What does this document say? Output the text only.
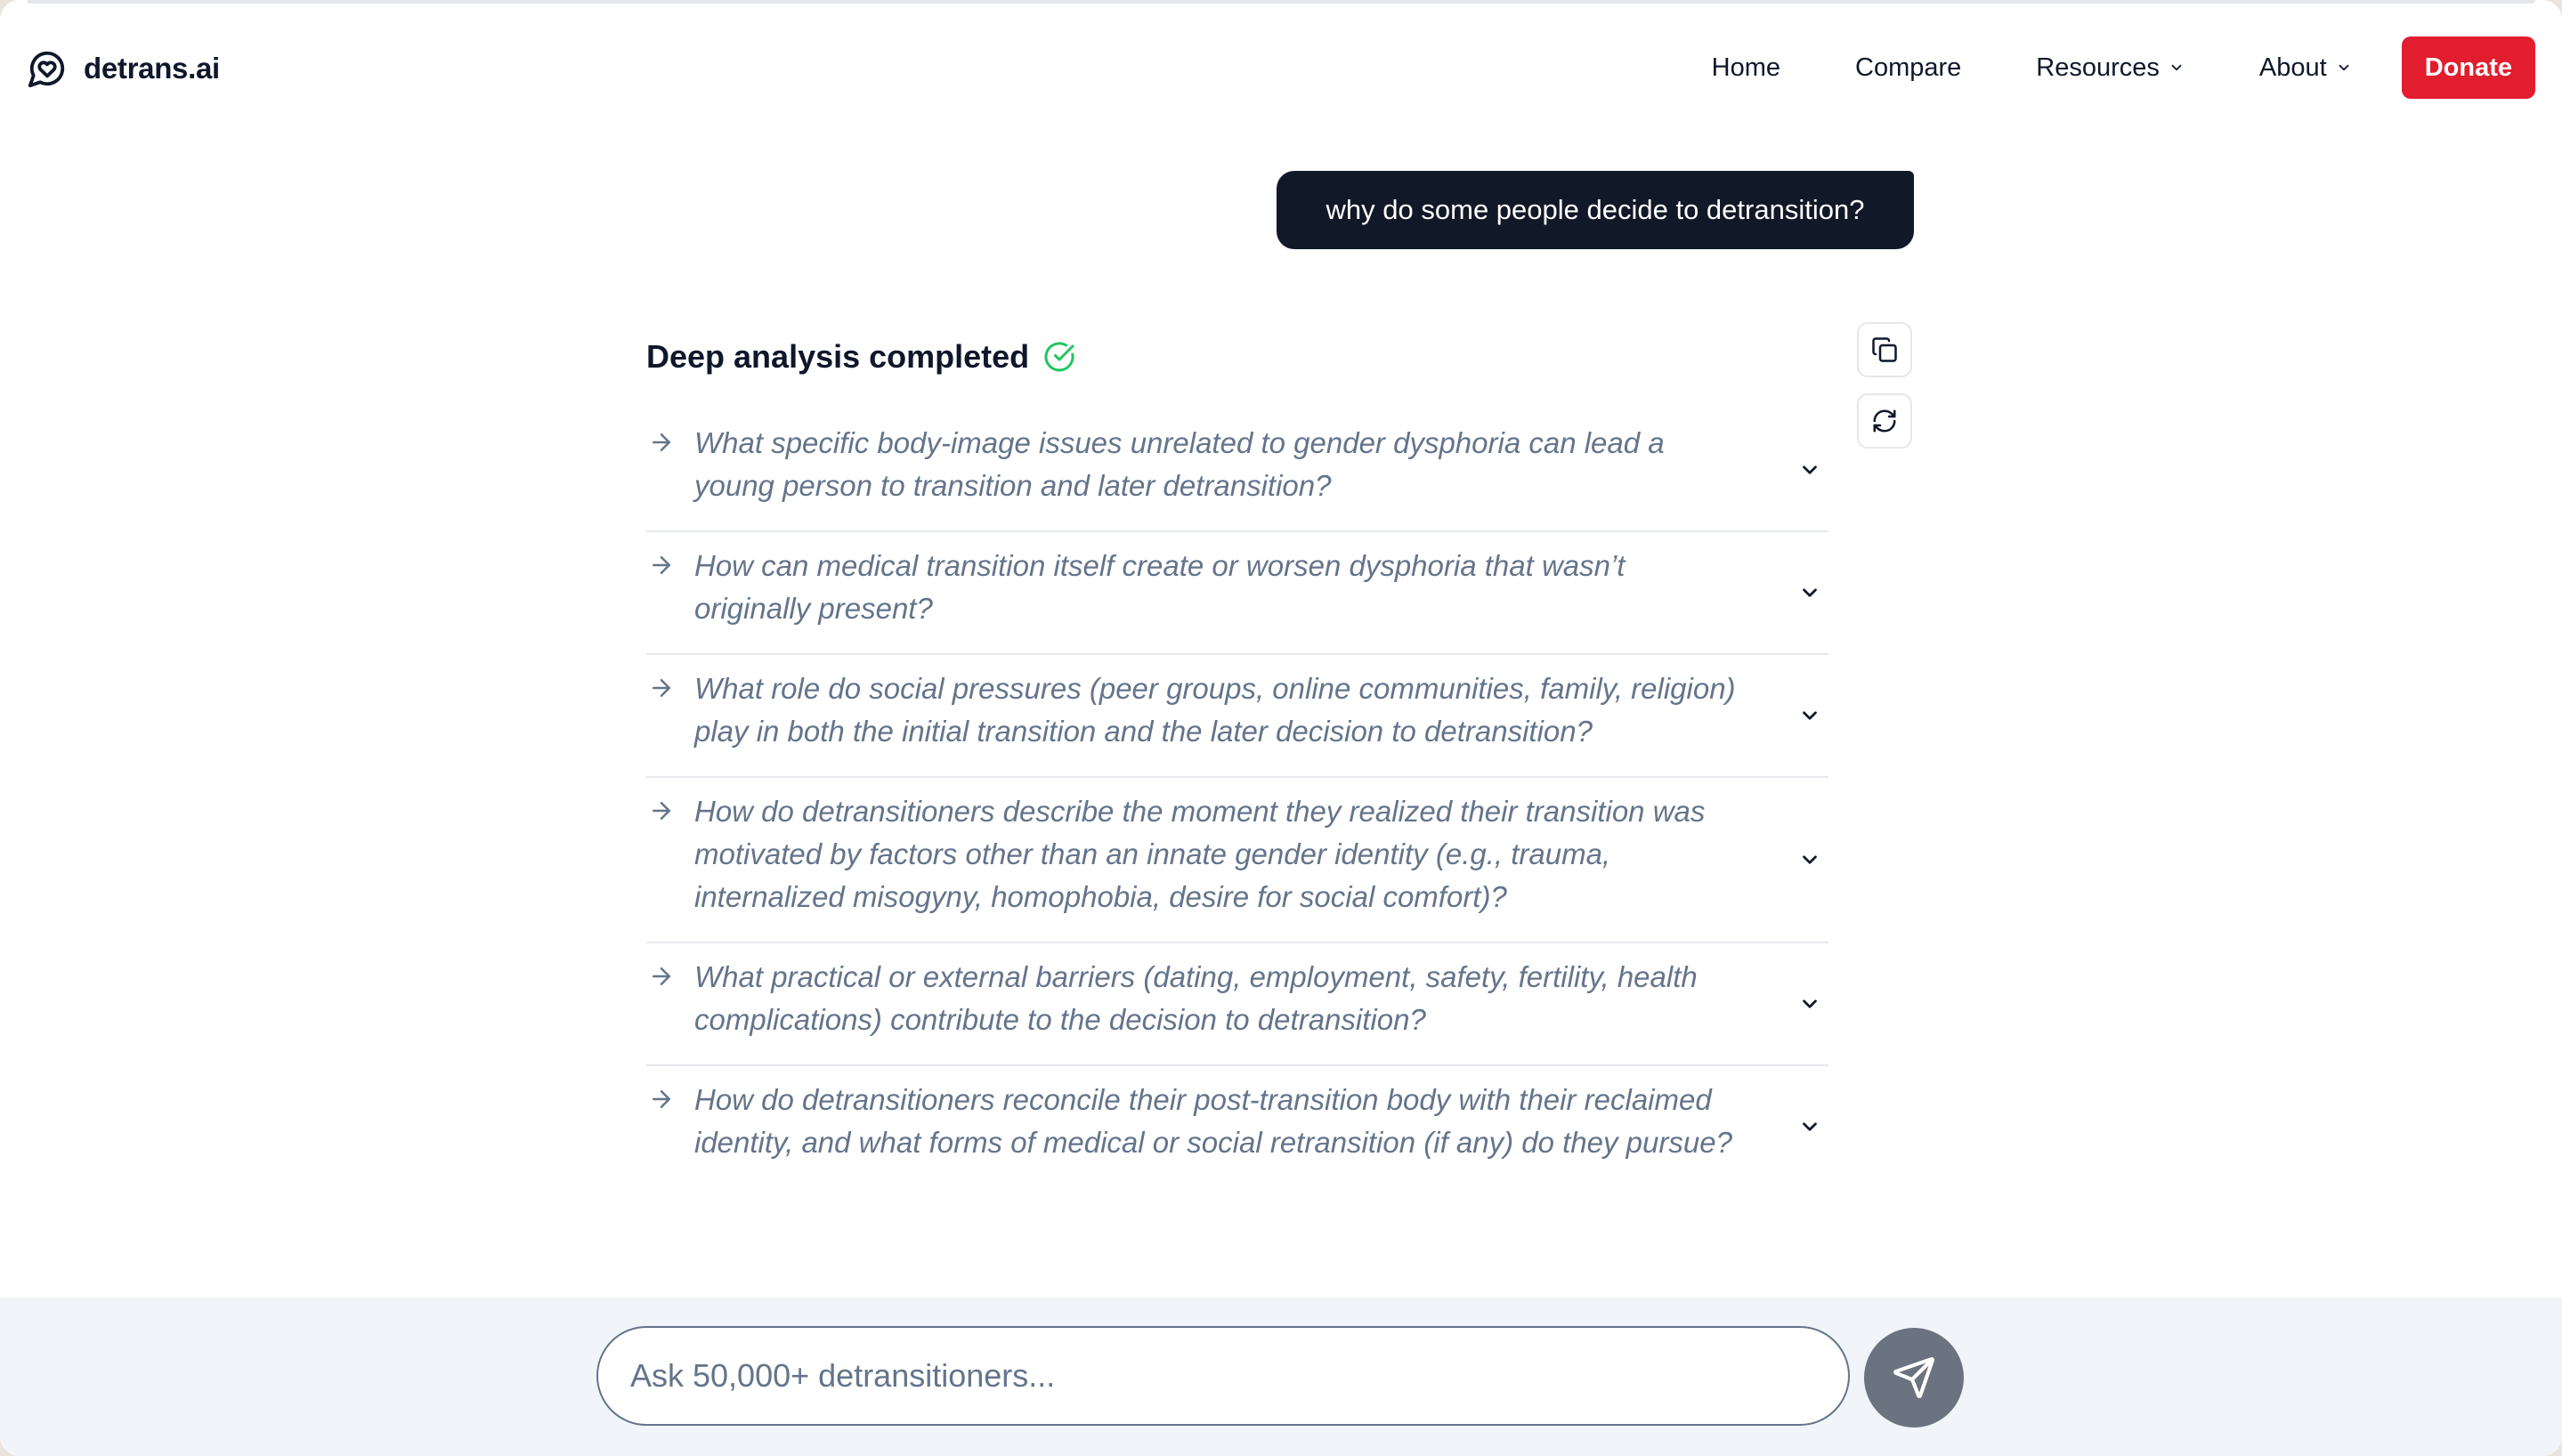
detrans.ai	Home	Compare	Resources	About	Donate
why do some people decide to detransition?
Deep analysis completed
What specific body-image issues unrelated to gender dysphoria can lead a young person to transition and later detransition?
How can medical transition itself create or worsen dysphoria that wasn’t originally present?
What role do social pressures (peer groups, online communities, family, religion) play in both the initial transition and the later decision to detransition?
How do detransitioners describe the moment they realized their transition was motivated by factors other than an innate gender identity (e.g., trauma, internalized misogyny, homophobia, desire for social comfort)?
What practical or external barriers (dating, employment, safety, fertility, health complications) contribute to the decision to detransition?
How do detransitioners reconcile their post-transition body with their reclaimed identity, and what forms of medical or social retransition (if any) do they pursue?
Ask 50,000+ detransitioners...
